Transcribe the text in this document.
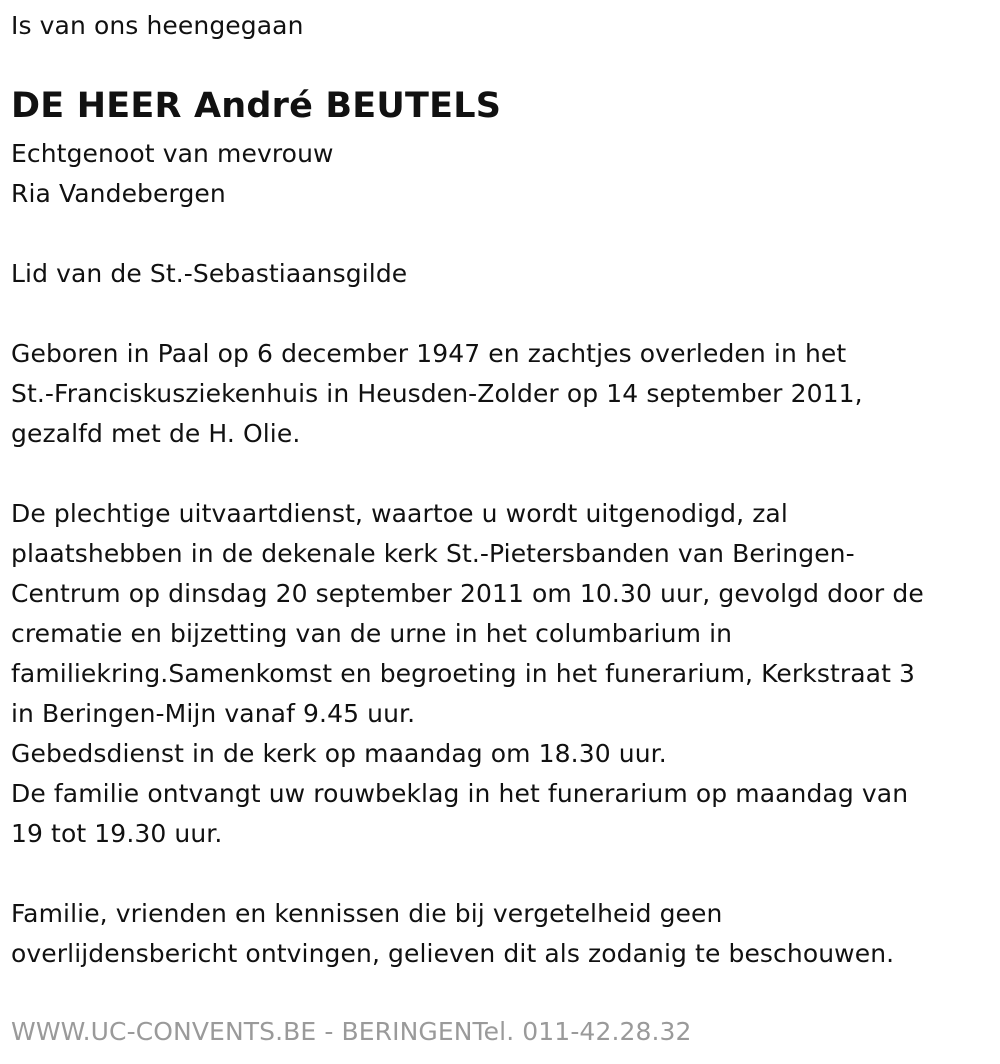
Is van ons heengegaan
DE HEER André BEUTELS
Echtgenoot van mevrouw
Ria Vandebergen
Lid van de St.-Sebastiaansgilde
Geboren in Paal op 6 december 1947 en zachtjes overleden in het
St.-Franciskusziekenhuis in Heusden-Zolder op 14 september 2011,
gezalfd met de H. Olie.
De plechtige uitvaartdienst, waartoe u wordt uitgenodigd, zal
plaatshebben in de dekenale kerk St.-Pietersbanden van Beringen-
Centrum op dinsdag 20 september 2011 om 10.30 uur, gevolgd door de
crematie en bijzetting van de urne in het columbarium in
familiekring.Samenkomst en begroeting in het funerarium, Kerkstraat 3
in Beringen-Mijn vanaf 9.45 uur.
Gebedsdienst in de kerk op maandag om 18.30 uur.
De familie ontvangt uw rouwbeklag in het funerarium op maandag van
19 tot 19.30 uur.
Familie, vrienden en kennissen die bij vergetelheid geen
overlijdensbericht ontvingen, gelieven dit als zodanig te beschouwen.
WWW.UC-CONVENTS.BE - BERINGENTel. 011-42.28.32
